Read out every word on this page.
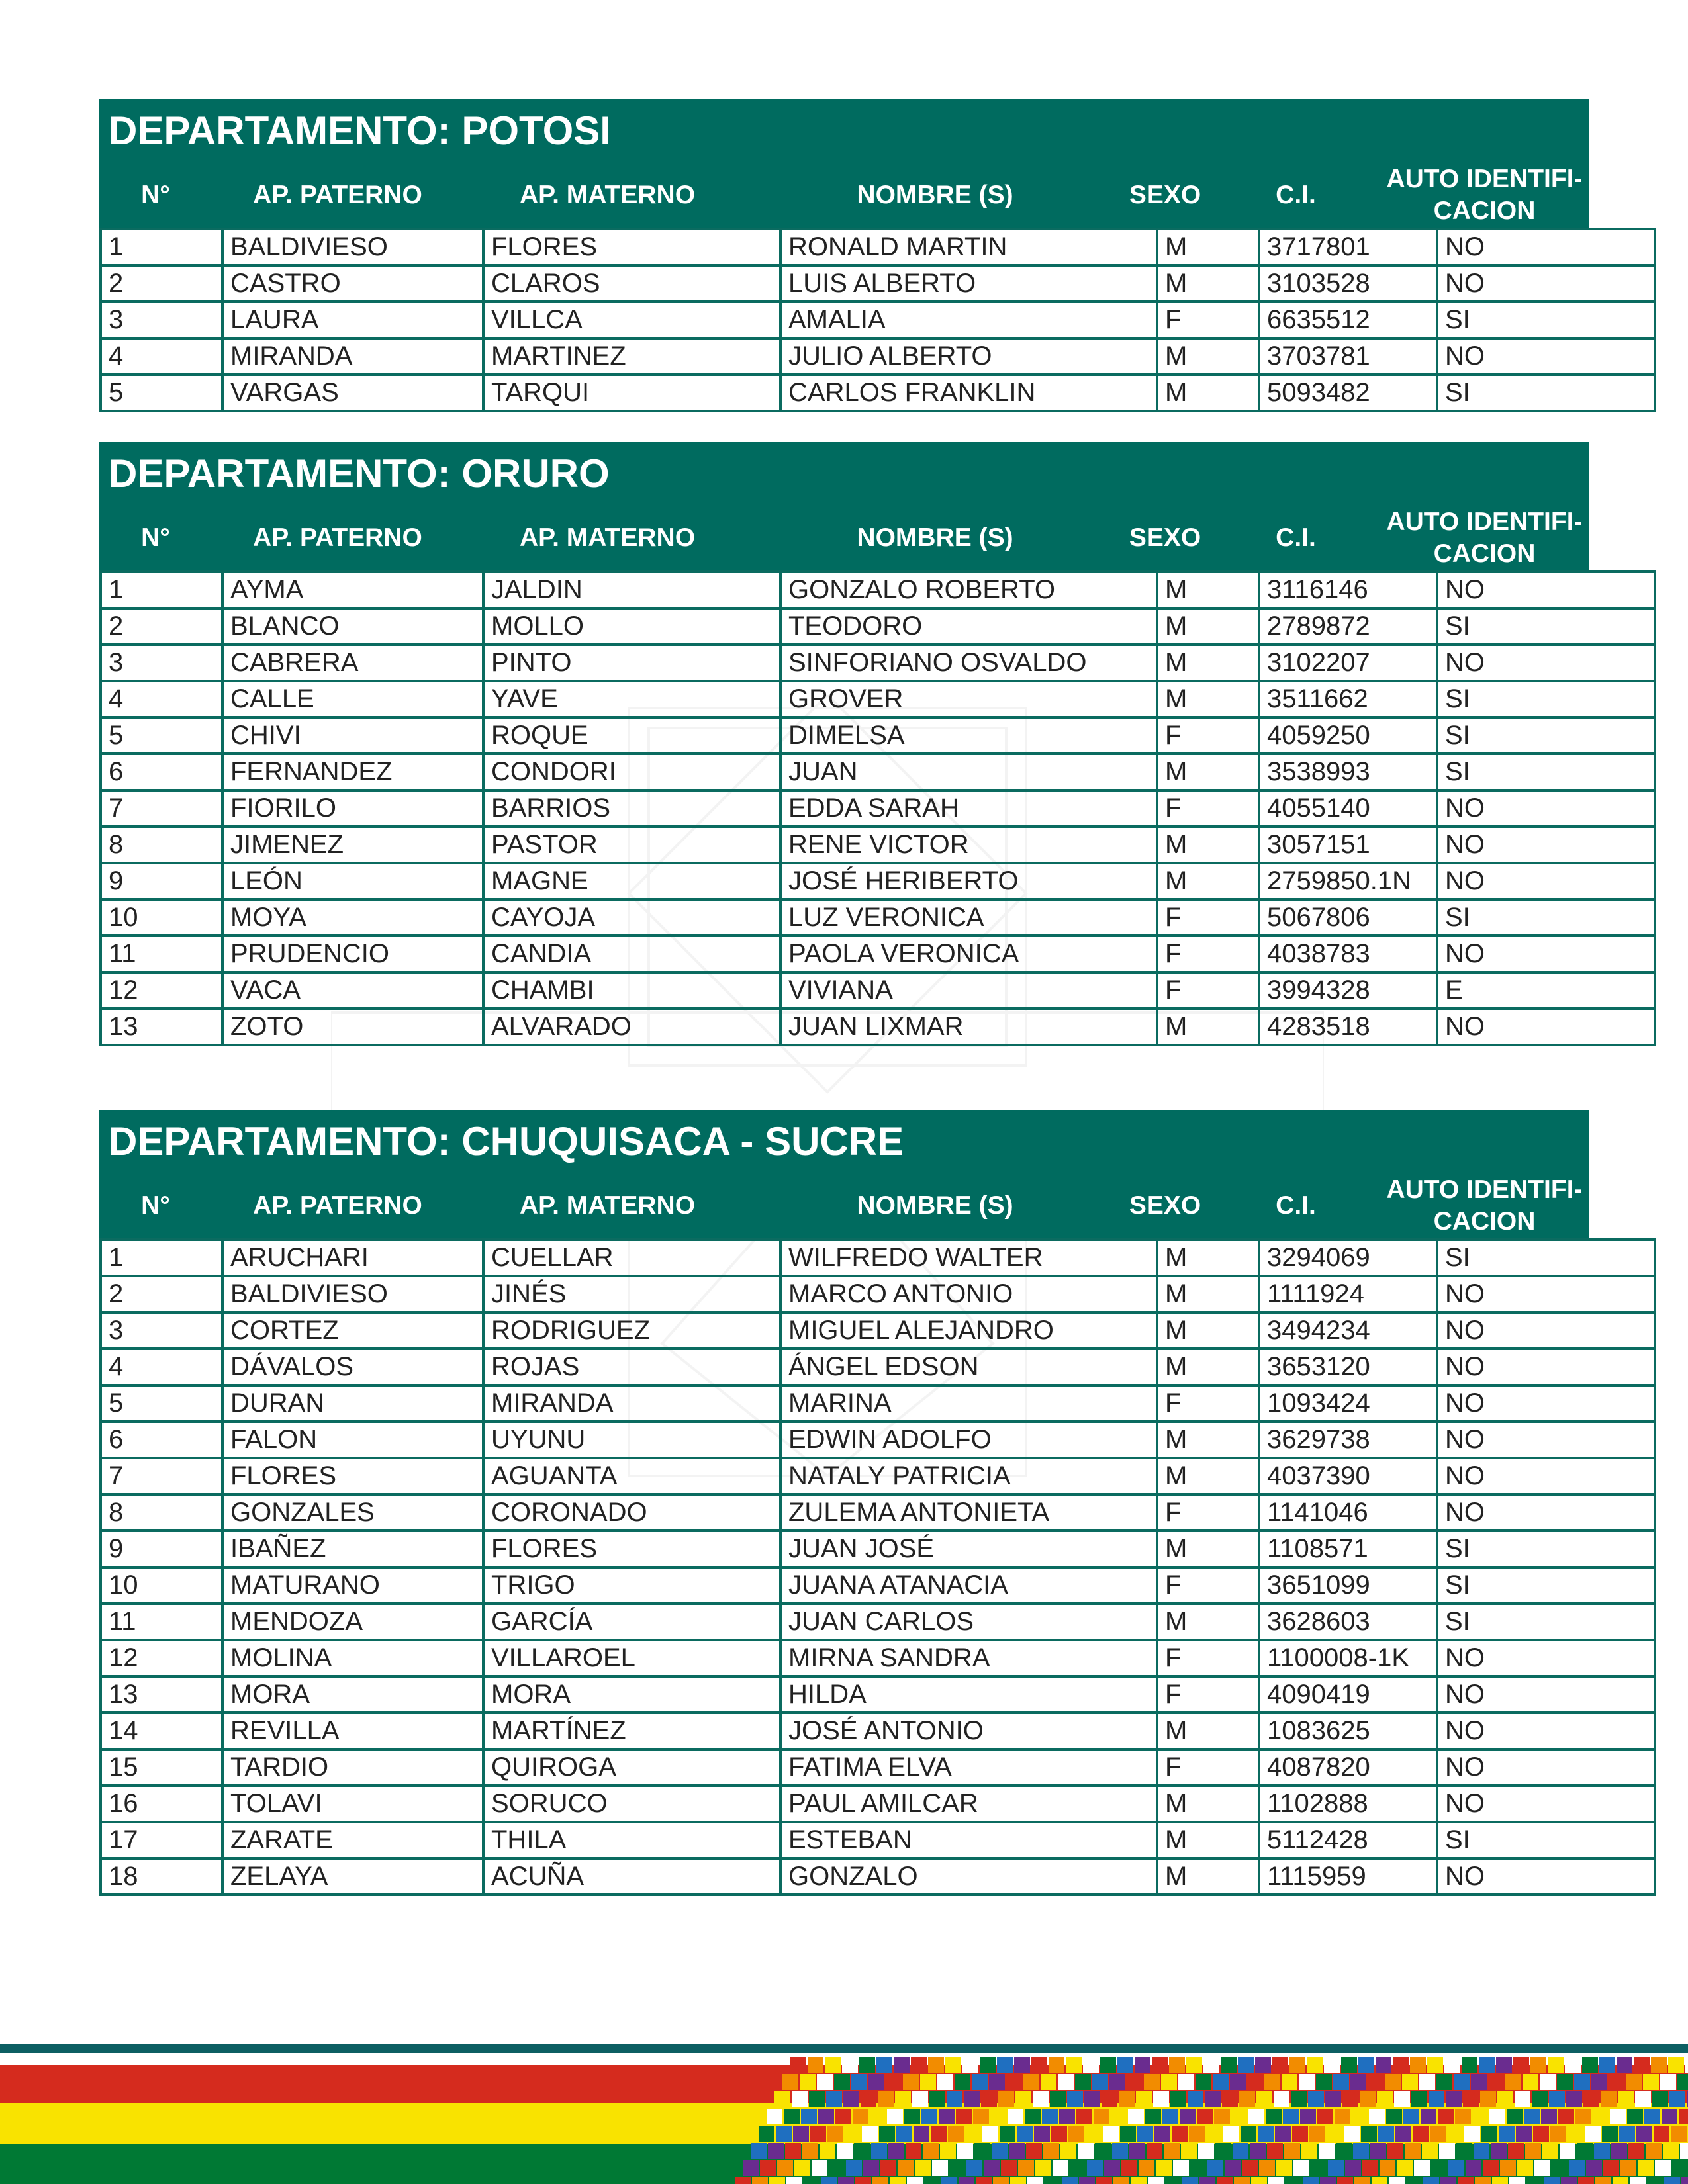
DEPARTAMENTO: POTOSI
N°	AP. PATERNO	AP. MATERNO	NOMBRE (S)	SEXO	C.I.
AUTO IDENTIFI-
CACION
1	BALDIVIESO	FLORES	RONALD MARTIN	M	3717801	NO
2	CASTRO	CLAROS	LUIS ALBERTO	M	3103528	NO
3	LAURA	VILLCA	AMALIA	F	6635512	SI
4	MIRANDA	MARTINEZ	JULIO ALBERTO	M	3703781	NO
5	VARGAS	TARQUI	CARLOS FRANKLIN	M	5093482	SI
DEPARTAMENTO: ORURO
N°	AP. PATERNO	AP. MATERNO	NOMBRE (S)	SEXO	C.I.
AUTO IDENTIFI-
CACION
1	AYMA	JALDIN	GONZALO ROBERTO	M	3116146	NO
2	BLANCO	MOLLO	TEODORO	M	2789872	SI
3	CABRERA	PINTO	SINFORIANO OSVALDO	M	3102207	NO
4	CALLE	YAVE	GROVER	M	3511662	SI
5	CHIVI	ROQUE	DIMELSA	F	4059250	SI
6	FERNANDEZ	CONDORI	JUAN	M	3538993	SI
7	FIORILO	BARRIOS	EDDA SARAH	F	4055140	NO
8	JIMENEZ	PASTOR	RENE VICTOR	M	3057151	NO
9	LEÓN	MAGNE	JOSÉ HERIBERTO	M	2759850.1N	NO
10	MOYA	CAYOJA	LUZ VERONICA	F	5067806	SI
11	PRUDENCIO	CANDIA	PAOLA VERONICA	F	4038783	NO
12	VACA	CHAMBI	VIVIANA	F	3994328	E
13	ZOTO	ALVARADO	JUAN LIXMAR	M	4283518	NO
DEPARTAMENTO: CHUQUISACA - SUCRE
N°	AP. PATERNO	AP. MATERNO	NOMBRE (S)	SEXO	C.I.
AUTO IDENTIFI-
CACION
1	ARUCHARI	CUELLAR	WILFREDO WALTER	M	3294069	SI
2	BALDIVIESO	JINÉS	MARCO ANTONIO	M	1111924	NO
3	CORTEZ	RODRIGUEZ	MIGUEL ALEJANDRO	M	3494234	NO
4	DÁVALOS	ROJAS	ÁNGEL EDSON	M	3653120	NO
5	DURAN	MIRANDA	MARINA	F	1093424	NO
6	FALON	UYUNU	EDWIN ADOLFO	M	3629738	NO
7	FLORES	AGUANTA	NATALY PATRICIA	M	4037390	NO
8	GONZALES	CORONADO	ZULEMA ANTONIETA	F	1141046	NO
9	IBAÑEZ	FLORES	JUAN JOSÉ	M	1108571	SI
10	MATURANO	TRIGO	JUANA ATANACIA	F	3651099	SI
11	MENDOZA	GARCÍA	JUAN CARLOS	M	3628603	SI
12	MOLINA	VILLAROEL	MIRNA SANDRA	F	1100008-1K	NO
13	MORA	MORA	HILDA	F	4090419	NO
14	REVILLA	MARTÍNEZ	JOSÉ ANTONIO	M	1083625	NO
15	TARDIO	QUIROGA	FATIMA ELVA	F	4087820	NO
16	TOLAVI	SORUCO	PAUL AMILCAR	M	1102888	NO
17	ZARATE	THILA	ESTEBAN	M	5112428	SI
18	ZELAYA	ACUÑA	GONZALO	M	1115959	NO
